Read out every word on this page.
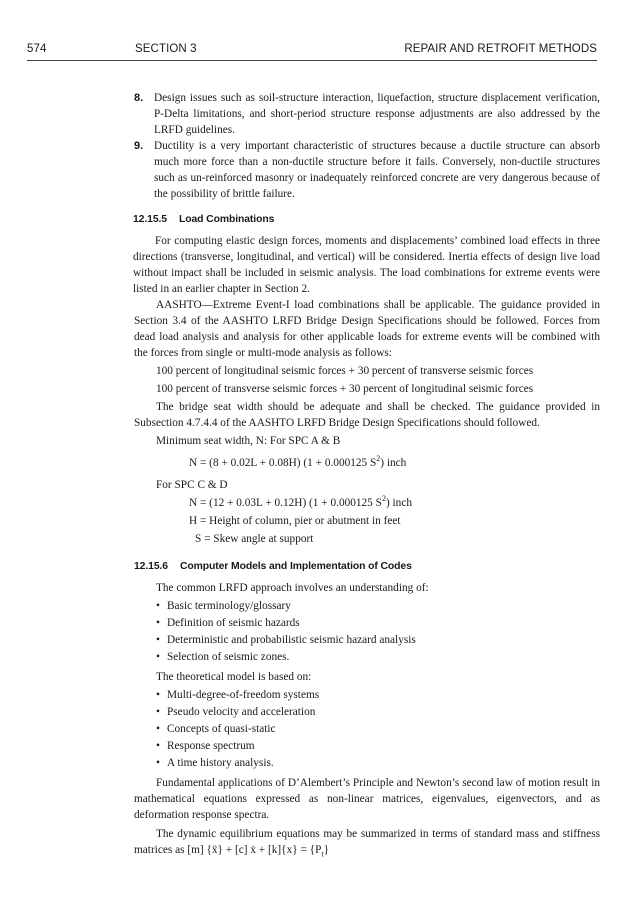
574	SECTION 3	REPAIR AND RETROFIT METHODS
8. Design issues such as soil-structure interaction, liquefaction, structure displacement verification, P-Delta limitations, and short-period structure response adjustments are also addressed by the LRFD guidelines.
9. Ductility is a very important characteristic of structures because a ductile structure can absorb much more force than a non-ductile structure before it fails. Conversely, non-ductile structures such as un-reinforced masonry or inadequately reinforced concrete are very dangerous because of the possibility of brittle failure.
12.15.5 Load Combinations

For computing elastic design forces, moments and displacements’ combined load effects in three directions (transverse, longitudinal, and vertical) will be considered. Inertia effects of design live load without impact shall be included in seismic analysis. The load combinations for extreme events were listed in an earlier chapter in Section 2.

AASHTO—Extreme Event-I load combinations shall be applicable. The guidance provided in Section 3.4 of the AASHTO LRFD Bridge Design Specifications should be followed. Forces from dead load analysis and analysis for other applicable loads for extreme events will be combined with the forces from single or multi-mode analysis as follows:

100 percent of longitudinal seismic forces + 30 percent of transverse seismic forces
100 percent of transverse seismic forces + 30 percent of longitudinal seismic forces

The bridge seat width should be adequate and shall be checked. The guidance provided in Subsection 4.7.4.4 of the AASHTO LRFD Bridge Design Specifications should followed.

Minimum seat width, N: For SPC A & B
N = (8 + 0.02L + 0.08H) (1 + 0.000125 $S^2$) inch
For SPC C & D
N = (12 + 0.03L + 0.12H) (1 + 0.000125 $S^2$) inch
H = Height of column, pier or abutment in feet
S = Skew angle at support
12.15.6 Computer Models and Implementation of Codes
The common LRFD approach involves an understanding of:
• Basic terminology/glossary
• Definition of seismic hazards
• Deterministic and probabilistic seismic hazard analysis
• Selection of seismic zones.
The theoretical model is based on:
• Multi-degree-of-freedom systems
• Pseudo velocity and acceleration
• Concepts of quasi-static
• Response spectrum
• A time history analysis.

Fundamental applications of D’Alembert’s Principle and Newton’s second law of motion result in mathematical equations expressed as non-linear matrices, eigenvalues, eigenvectors, and as deformation response spectra.

The dynamic equilibrium equations may be summarized in terms of standard mass and stiffness matrices as [m] {ẍ} + [c] ẋ + $[k]\{x\} = \{P_t\}$
